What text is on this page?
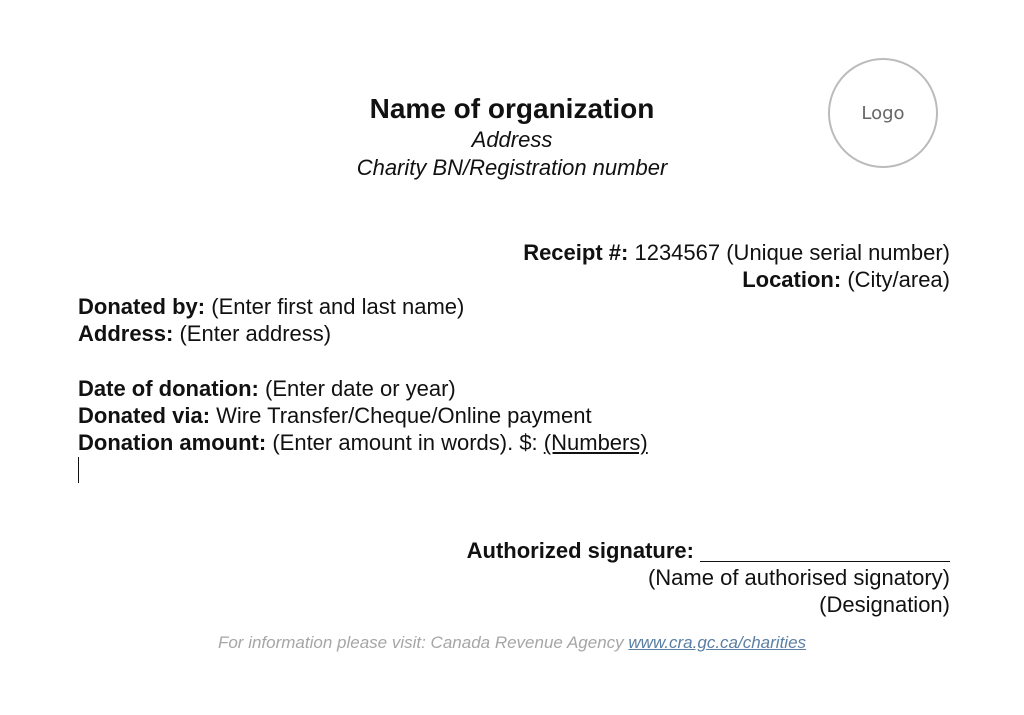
Name of organization
Address
Charity BN/Registration number
Logo
Receipt #: 1234567 (Unique serial number)
Location: (City/area)
Donated by: (Enter first and last name)
Address: (Enter address)
Date of donation: (Enter date or year)
Donated via: Wire Transfer/Cheque/Online payment
Donation amount: (Enter amount in words). $: (Numbers)
Authorized signature:
(Name of authorised signatory)
(Designation)
For information please visit: Canada Revenue Agency www.cra.gc.ca/charities
